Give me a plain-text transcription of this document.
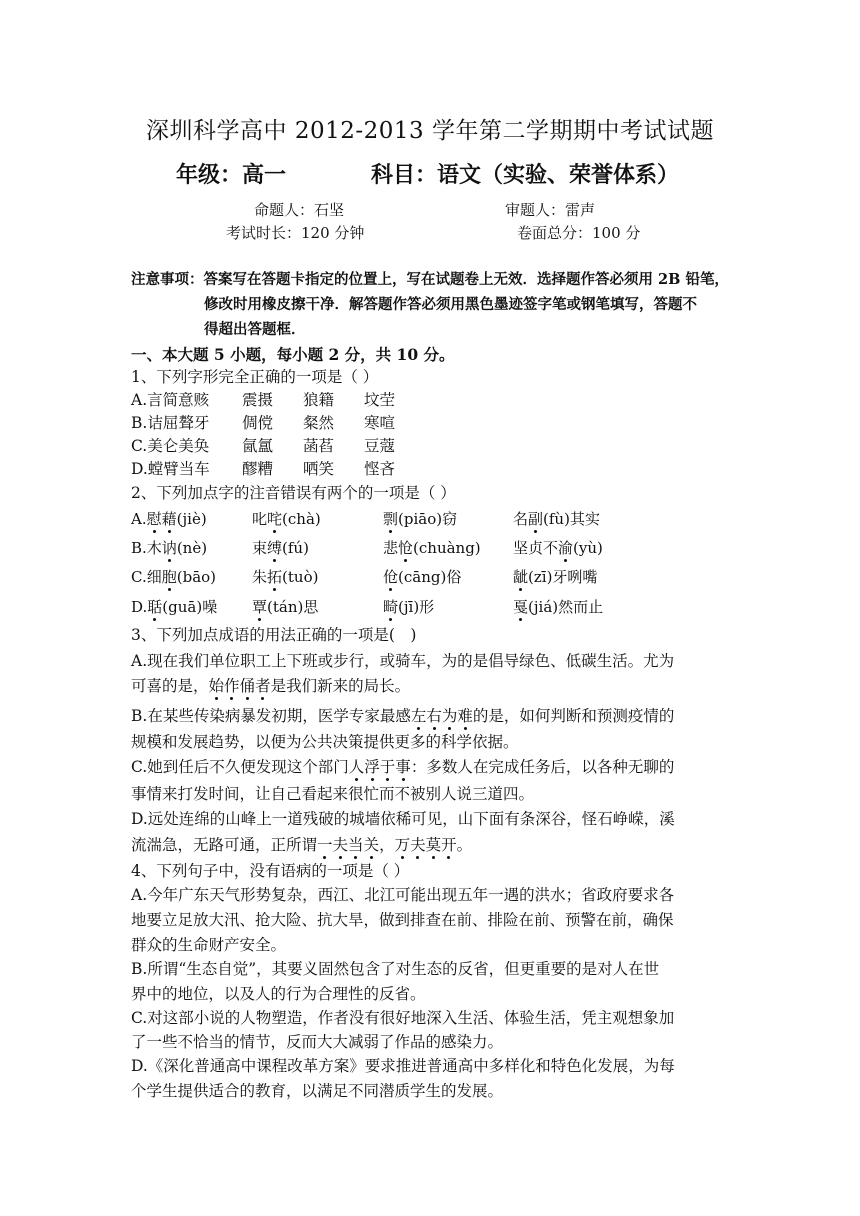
深圳科学高中 2012-2013 学年第二学期期中考试试题
年级：高一	科目：语文（实验、荣誉体系）
命题人：石坚	审题人：雷声
考试时长：120 分钟	卷面总分：100 分
注意事项：答案写在答题卡指定的位置上，写在试题卷上无效．选择题作答必须用 2B 铅笔，
修改时用橡皮擦干净．解答题作答必须用黑色墨迹签字笔或钢笔填写，答题不
得超出答题框．
一、本大题 5 小题，每小题 2 分，共 10 分。
1、下列字形完全正确的一项是（ ）
A.言简意赅 震摄 狼籍 坟茔
B.诘屈聱牙 倜傥 粲然 寒喧
C.美仑美奂 氤氲 菡萏 豆蔻
D.螳臂当车 醪糟 哂笑 悭吝
2、下列加点字的注音错误有两个的一项是（ ）
A.慰藉(jiè)	叱咤(chà)	剽(piāo)窃	名副(fù)其实
B.木讷(nè)	束缚(fú)	悲怆(chuàng) 坚贞不渝(yù)
C.细胞(bāo) 朱拓(tuò)	伧(cāng)俗	龇(zī)牙咧嘴
D.聒(guā)噪 覃(tán)思	畸(jī)形	戛(jiá)然而止
3、下列加点成语的用法正确的一项是(　)
A.现在我们单位职工上下班或步行，或骑车，为的是倡导绿色、低碳生活。尤为
可喜的是，始作俑者是我们新来的局长。
B.在某些传染病暴发初期，医学专家最感左右为难的是，如何判断和预测疫情的
规模和发展趋势，以便为公共决策提供更多的科学依据。
C.她到任后不久便发现这个部门人浮于事：多数人在完成任务后，以各种无聊的
事情来打发时间，让自己看起来很忙而不被别人说三道四。
D.远处连绵的山峰上一道残破的城墙依稀可见，山下面有条深谷，怪石峥嵘，溪
流湍急，无路可通，正所谓一夫当关，万夫莫开。
4、下列句子中，没有语病的一项是（ ）
A.今年广东天气形势复杂，西江、北江可能出现五年一遇的洪水；省政府要求各
地要立足放大汛、抢大险、抗大旱，做到排查在前、排险在前、预警在前，确保
群众的生命财产安全。
B.所谓“生态自觉”，其要义固然包含了对生态的反省，但更重要的是对人在世
界中的地位，以及人的行为合理性的反省。
C.对这部小说的人物塑造，作者没有很好地深入生活、体验生活，凭主观想象加
了一些不恰当的情节，反而大大减弱了作品的感染力。
D.《深化普通高中课程改革方案》要求推进普通高中多样化和特色化发展，为每
个学生提供适合的教育，以满足不同潜质学生的发展。
